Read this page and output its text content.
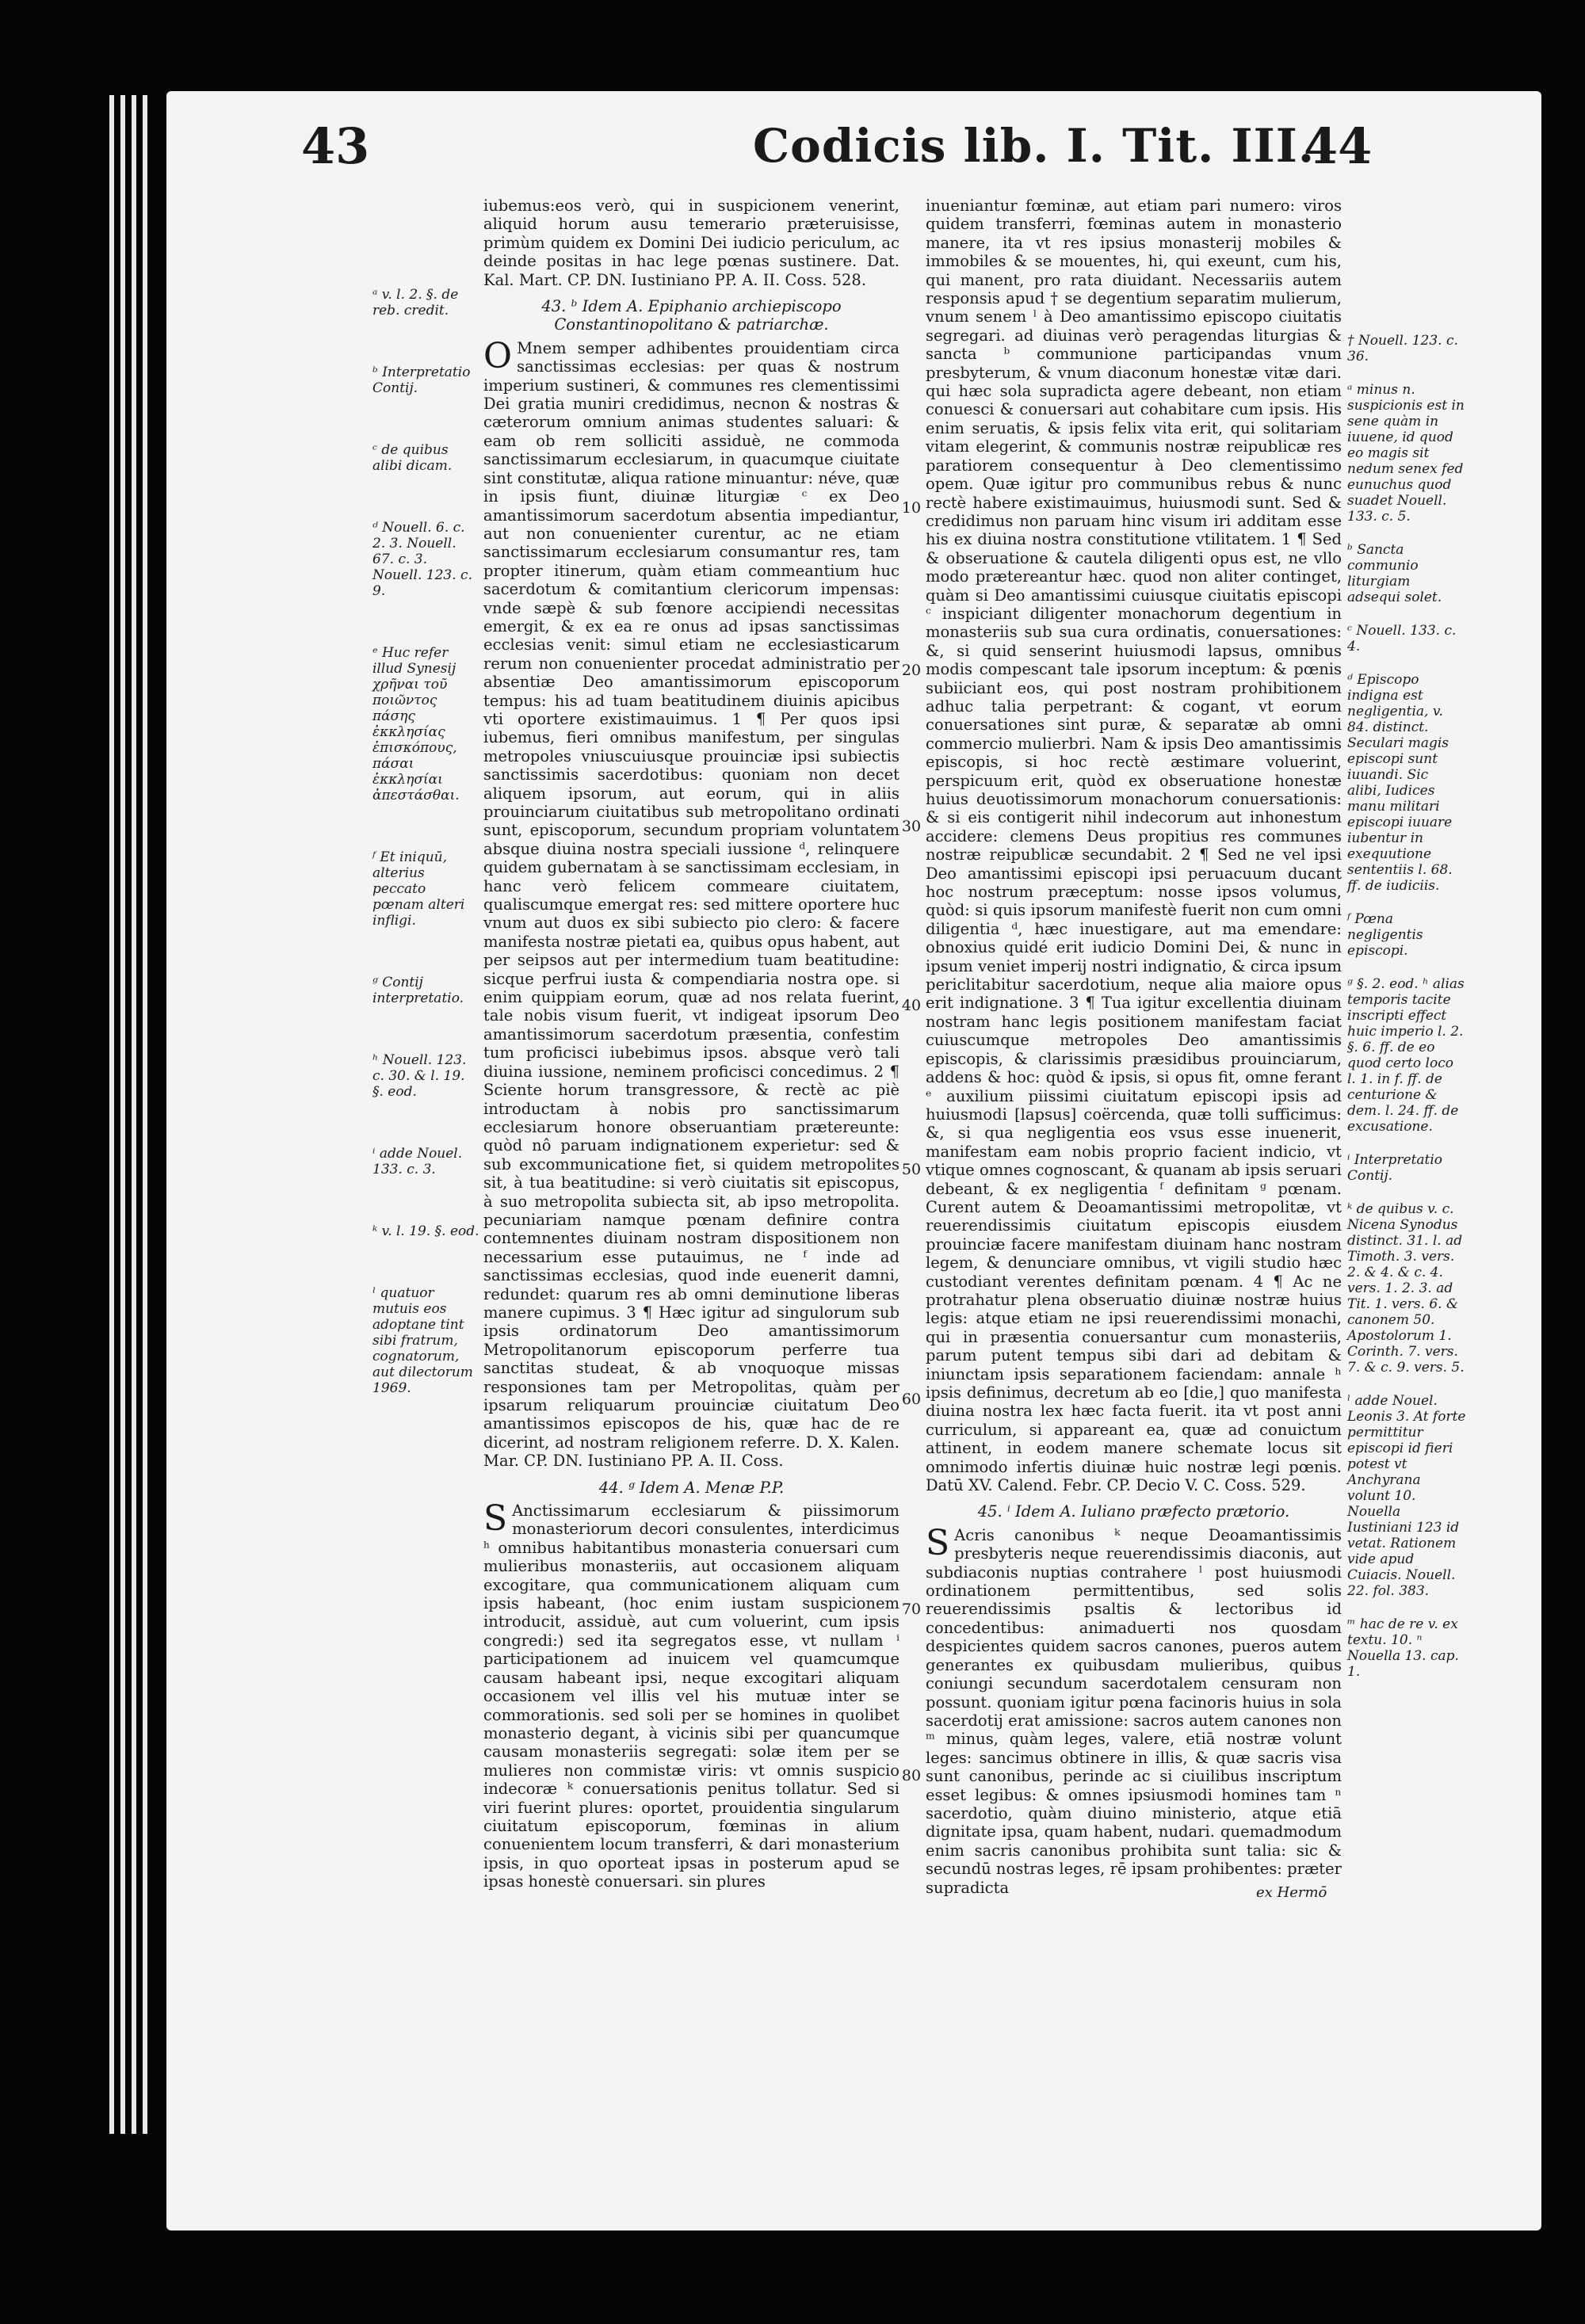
43	Codicis lib. I. Tit. III.
44

iubemus:eos verò, qui in suspicionem venerint, aliquid horum ausu temerario præteruisisse, primùm quidem ex Domini Dei iudicio periculum, ac deinde positas in hac lege pœnas sustinere. Dat. Kal. Mart. CP. DN. Iustiniano PP. A. II. Coss. 528.

43. ᵇ Idem A. Epiphanio archiepiscopo Constantinopolitano & patriarchæ.

O Mnem semper adhibentes prouidentiam circa sanctissimas ecclesias: per quas & nostrum imperium sustineri, & communes res clementissimi Dei gratia muniri credidimus, necnon & nostras & cæterorum omnium animas studentes saluari: & eam ob rem solliciti assiduè, ne commoda sanctissimarum ecclesiarum, in quacumque ciuitate sint constitutæ, aliqua ratione minuantur: néve, quæ in ipsis fiunt, diuinæ liturgiæ ᶜ ex Deo amantissimorum sacerdotum absentia impediantur, aut non conuenienter curentur, ac ne etiam sanctissimarum ecclesiarum consumantur res, tam propter itinerum, quàm etiam commeantium huc sacerdotum & comitantium clericorum impensas: vnde sæpè & sub fœnore accipiendi necessitas emergit, & ex ea re onus ad ipsas sanctissimas ecclesias venit: simul etiam ne ecclesiasticarum rerum non conuenienter procedat administratio per absentiæ Deo amantissimorum episcoporum tempus: his ad tuam beatitudinem diuinis apicibus vti oportere existimauimus. 1 ¶ Per quos ipsi iubemus, fieri omnibus manifestum, per singulas metropoles vniuscuiusque prouinciæ ipsi subiectis sanctissimis sacerdotibus: quoniam non decet aliquem ipsorum, aut eorum, qui in aliis prouinciarum ciuitatibus sub metropolitano ordinati sunt, episcoporum, secundum propriam voluntatem absque diuina nostra speciali iussione ᵈ, relinquere quidem gubernatam à se sanctissimam ecclesiam, in hanc verò felicem commeare ciuitatem, qualiscumque emergat res: sed mittere oportere huc vnum aut duos ex sibi subiecto pio clero: & facere manifesta nostræ pietati ea, quibus opus habent, aut per seipsos aut per intermedium tuam beatitudine: sicque perfrui iusta & compendiaria nostra ope. si enim quippiam eorum, quæ ad nos relata fuerint, tale nobis visum fuerit, vt indigeat ipsorum Deo amantissimorum sacerdotum præsentia, confestim tum proficisci iubebimus ipsos. absque verò tali diuina iussione, neminem proficisci concedimus. 2 ¶ Sciente horum transgressore, & rectè ac piè introductam à nobis pro sanctissimarum ecclesiarum honore obseruantiam prætereunte: quòd nô paruam indignationem experietur: sed & sub excommunicatione fiet, si quidem metropolites sit, à tua beatitudine: si verò ciuitatis sit episcopus, à suo metropolita subiecta sit, ab ipso metropolita. pecuniariam namque pœnam definire contra contemnentes diuinam nostram dispositionem non necessarium esse putauimus, ne ᶠ inde ad sanctissimas ecclesias, quod inde euenerit damni, redundet: quarum res ab omni deminutione liberas manere cupimus. 3 ¶ Hæc igitur ad singulorum sub ipsis ordinatorum Deo amantissimorum Metropolitanorum episcoporum perferre tua sanctitas studeat, & ab vnoquoque missas responsiones tam per Metropolitas, quàm per ipsarum reliquarum prouinciæ ciuitatum Deo amantissimos episcopos de his, quæ hac de re dicerint, ad nostram religionem referre. D. X. Kalen. Mar. CP. DN. Iustiniano PP. A. II. Coss.

44. ᵍ Idem A. Menæ P.P.

S Anctissimarum ecclesiarum & piissimorum monasteriorum decori consulentes, interdicimus ʰ omnibus habitantibus monasteria conuersari cum mulieribus monasteriis, aut occasionem aliquam excogitare, qua communicationem aliquam cum ipsis habeant, (hoc enim iustam suspicionem introducit, assiduè, aut cum voluerint, cum ipsis congredi:) sed ita segregatos esse, vt nullam ⁱ participationem ad inuicem vel quamcumque causam habeant ipsi, neque excogitari aliquam occasionem vel illis vel his mutuæ inter se commorationis. sed soli per se homines in quolibet monasterio degant, à vicinis sibi per quancumque causam monasteriis segregati: solæ item per se mulieres non commistæ viris: vt omnis suspicio indecoræ ᵏ conuersationis penitus tollatur. Sed si viri fuerint plures: oportet, prouidentia singularum ciuitatum episcoporum, fœminas in alium conuenientem locum transferri, & dari monasterium ipsis, in quo oporteat ipsas in posterum apud se ipsas honestè conuersari. sin plures

inueniantur fœminæ, aut etiam pari numero: viros quidem transferri, fœminas autem in monasterio manere, ita vt res ipsius monasterij mobiles & immobiles & se mouentes, hi, qui exeunt, cum his, qui manent, pro rata diuidant. Necessariis autem responsis apud † se degentium separatim mulierum, vnum senem ˡ à Deo amantissimo episcopo ciuitatis segregari. ad diuinas verò peragendas liturgias & sancta ᵇ communione participandas vnum presbyterum, & vnum diaconum honestæ vitæ dari. qui hæc sola supradicta agere debeant, non etiam conuesci & conuersari aut cohabitare cum ipsis. His enim seruatis, & ipsis felix vita erit, qui solitariam vitam elegerint, & communis nostræ reipublicæ res paratiorem consequentur à Deo clementissimo opem. Quæ igitur pro communibus rebus & nunc rectè habere existimauimus, huiusmodi sunt. Sed & credidimus non paruam hinc visum iri additam esse his ex diuina nostra constitutione vtilitatem. 1 ¶ Sed & obseruatione & cautela diligenti opus est, ne vllo modo prætereantur hæc. quod non aliter continget, quàm si Deo amantissimi cuiusque ciuitatis episcopi ᶜ inspiciant diligenter monachorum degentium in monasteriis sub sua cura ordinatis, conuersationes: &, si quid senserint huiusmodi lapsus, omnibus modis compescant tale ipsorum inceptum: & pœnis subiiciant eos, qui post nostram prohibitionem adhuc talia perpetrant: & cogant, vt eorum conuersationes sint puræ, & separatæ ab omni commercio mulierbri. Nam & ipsis Deo amantissimis episcopis, si hoc rectè æstimare voluerint, perspicuum erit, quòd ex obseruatione honestæ huius deuotissimorum monachorum conuersationis: & si eis contigerit nihil indecorum aut inhonestum accidere: clemens Deus propitius res communes nostræ reipublicæ secundabit. 2 ¶ Sed ne vel ipsi Deo amantissimi episcopi ipsi peruacuum ducant hoc nostrum præceptum: nosse ipsos volumus, quòd: si quis ipsorum manifestè fuerit non cum omni diligentia ᵈ, hæc inuestigare, aut ma emendare: obnoxius quidé erit iudicio Domini Dei, & nunc in ipsum veniet imperij nostri indignatio, & circa ipsum periclitabitur sacerdotium, neque alia maiore opus erit indignatione. 3 ¶ Tua igitur excellentia diuinam nostram hanc legis positionem manifestam faciat cuiuscumque metropoles Deo amantissimis episcopis, & clarissimis præsidibus prouinciarum, addens & hoc: quòd & ipsis, si opus fit, omne ferant ᵉ auxilium piissimi ciuitatum episcopi ipsis ad huiusmodi [lapsus] coërcenda, quæ tolli sufficimus: &, si qua negligentia eos vsus esse inuenerit, manifestam eam nobis proprio facient indicio, vt vtique omnes cognoscant, & quanam ab ipsis seruari debeant, & ex negligentia ᶠ definitam ᵍ pœnam. Curent autem & Deoamantissimi metropolitæ, vt reuerendissimis ciuitatum episcopis eiusdem prouinciæ facere manifestam diuinam hanc nostram legem, & denunciare omnibus, vt vigili studio hæc custodiant verentes definitam pœnam. 4 ¶ Ac ne protrahatur plena obseruatio diuinæ nostræ huius legis: atque etiam ne ipsi reuerendissimi monachi, qui in præsentia conuersantur cum monasteriis, parum putent tempus sibi dari ad debitam & iniunctam ipsis separationem faciendam: annale ʰ ipsis definimus, decretum ab eo [die,] quo manifesta diuina nostra lex hæc facta fuerit. ita vt post anni curriculum, si appareant ea, quæ ad conuictum attinent, in eodem manere schemate locus sit omnimodo infertis diuinæ huic nostræ legi pœnis. Datū XV. Calend. Febr. CP. Decio V. C. Coss. 529.

45. ⁱ Idem A. Iuliano præfecto prætorio.

S Acris canonibus ᵏ neque Deoamantissimis presbyteris neque reuerendissimis diaconis, aut subdiaconis nuptias contrahere ˡ post huiusmodi ordinationem permittentibus, sed solis reuerendissimis psaltis & lectoribus id concedentibus: animaduerti nos quosdam despicientes quidem sacros canones, pueros autem generantes ex quibusdam mulieribus, quibus coniungi secundum sacerdotalem censuram non possunt. quoniam igitur pœna facinoris huius in sola sacerdotij erat amissione: sacros autem canones non ᵐ minus, quàm leges, valere, etiā nostræ volunt leges: sancimus obtinere in illis, & quæ sacris visa sunt canonibus, perinde ac si ciuilibus inscriptum esset legibus: & omnes ipsiusmodi homines tam ⁿ sacerdotio, quàm diuino ministerio, atque etiā dignitate ipsa, quam habent, nudari. quemadmodum enim sacris canonibus prohibita sunt talia: sic & secundū nostras leges, rē ipsam prohibentes: præter supradicta

10
20
30
40
50
60
70
80
ᵃ v. l. 2. §. de reb. credit.
ᵇ Interpretatio Contij.
ᶜ de quibus alibi dicam.
ᵈ Nouell. 6. c. 2. 3. Nouell. 67. c. 3. Nouell. 123. c. 9.
ᵉ Huc refer illud Synesij χρῆναι τοῦ ποιῶντος πάσης ἐκκλησίας ἐπισκόπους, πάσαι ἐκκλησίαι ἀπεστάσθαι.
ᶠ Et iniquū, alterius peccato pœnam alteri infligi.
ᵍ Contij interpretatio.
ʰ Nouell. 123. c. 30. & l. 19. §. eod.
ⁱ adde Nouel. 133. c. 3.
ᵏ v. l. 19. §. eod.
ˡ quatuor mutuis eos adoptane tint sibi fratrum, cognatorum, aut dilectorum 1969.
† Nouell. 123. c. 36.
ᵃ minus n. suspicionis est in sene quàm in iuuene, id quod eo magis sit nedum senex fed eunuchus quod suadet Nouell. 133. c. 5.
ᵇ Sancta communio liturgiam adsequi solet.
ᶜ Nouell. 133. c. 4.
ᵈ Episcopo indigna est negligentia, v. 84. distinct. Seculari magis episcopi sunt iuuandi. Sic alibi, Iudices manu militari episcopi iuuare iubentur in exequutione sententiis l. 68. ff. de iudiciis.
ᶠ Pœna negligentis episcopi.
ᵍ §. 2. eod. ʰ alias temporis tacite inscripti effect huic imperio l. 2. §. 6. ff. de eo quod certo loco l. 1. in f. ff. de centurione & dem. l. 24. ff. de excusatione.
ⁱ Interpretatio Contij.
ᵏ de quibus v. c. Nicena Synodus distinct. 31. l. ad Timoth. 3. vers. 2. & 4. & c. 4. vers. 1. 2. 3. ad Tit. 1. vers. 6. & canonem 50. Apostolorum 1. Corinth. 7. vers. 7. & c. 9. vers. 5.
ˡ adde Nouel. Leonis 3. At forte permittitur episcopi id fieri potest vt Anchyrana volunt 10. Nouella Iustiniani 123 id vetat. Rationem vide apud Cuiacis. Nouell. 22. fol. 383.
ᵐ hac de re v. ex textu. 10. ⁿ Nouella 13. cap. 1.
ex Hermō
